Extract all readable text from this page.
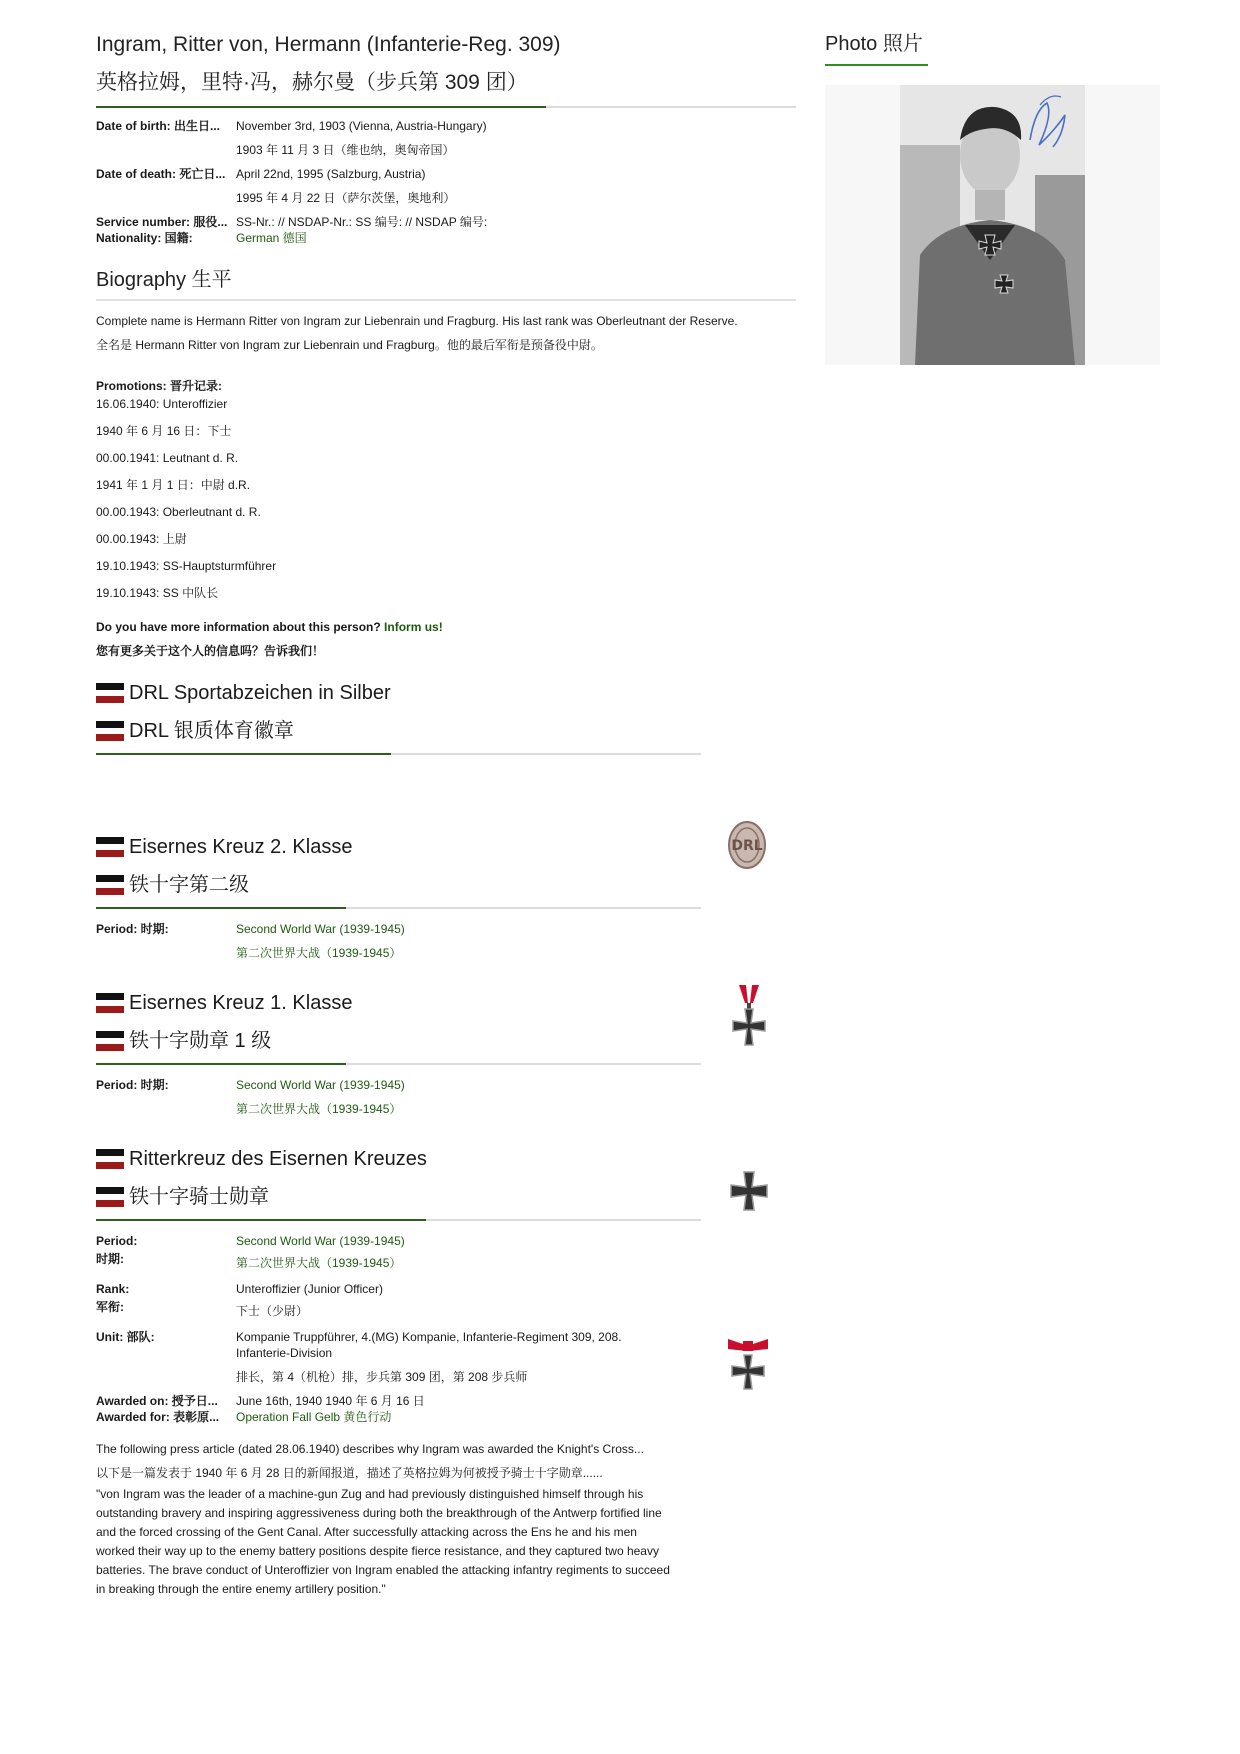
Ingram, Ritter von, Hermann (Infanterie-Reg. 309)
英格拉姆，里特·冯，赫尔曼（步兵第 309 团）
Date of birth: 出生日...	November 3rd, 1903 (Vienna, Austria-Hungary)
1903 年 11 月 3 日（维也纳，奥匈帝国）
Date of death: 死亡日... April 22nd, 1995 (Salzburg, Austria)
1995 年 4 月 22 日（萨尔茨堡，奥地利）
Service number: 服役... SS-Nr.: // NSDAP-Nr.: SS 编号: // NSDAP 编号:
Nationality: 国籍:	German 德国
Biography 生平
Complete name is Hermann Ritter von Ingram zur Liebenrain und Fragburg. His last rank was Oberleutnant der Reserve.
全名是 Hermann Ritter von Ingram zur Liebenrain und Fragburg。他的最后军衔是预备役中尉。
Promotions: 晋升记录:
16.06.1940: Unteroffizier
1940 年 6 月 16 日：下士
00.00.1941: Leutnant d. R.
1941 年 1 月 1 日：中尉 d.R.
00.00.1943: Oberleutnant d. R.
00.00.1943: 上尉
19.10.1943: SS-Hauptsturmführer
19.10.1943: SS 中队长
Do you have more information about this person? Inform us!
您有更多关于这个人的信息吗？告诉我们！
DRL Sportabzeichen in Silber
DRL 银质体育徽章
Eisernes Kreuz 2. Klasse
铁十字第二级
Period: 时期:	Second World War (1939-1945)
第二次世界大战（1939-1945）
Eisernes Kreuz 1. Klasse
铁十字勋章 1 级
Period: 时期:	Second World War (1939-1945)
第二次世界大战（1939-1945）
Ritterkreuz des Eisernen Kreuzes
铁十字骑士勋章
Period:	Second World War (1939-1945)
时期:	第二次世界大战（1939-1945）
Rank:	Unteroffizier (Junior Officer)
军衔:	下士（少尉）
Unit: 部队:	Kompanie Truppführer, 4.(MG) Kompanie, Infanterie-Regiment 309, 208. Infanterie-Division
排长，第 4（机枪）排，步兵第 309 团，第 208 步兵师
Awarded on: 授予日...	June 16th, 1940 1940 年 6 月 16 日
Awarded for: 表彰原...	Operation Fall Gelb 黄色行动
The following press article (dated 28.06.1940) describes why Ingram was awarded the Knight's Cross...
以下是一篇发表于 1940 年 6 月 28 日的新闻报道，描述了英格拉姆为何被授予骑士十字勋章......
"von Ingram was the leader of a machine-gun Zug and had previously distinguished himself through his outstanding bravery and inspiring aggressiveness during both the breakthrough of the Antwerp fortified line and the forced crossing of the Gent Canal. After successfully attacking across the Ens he and his men worked their way up to the enemy battery positions despite fierce resistance, and they captured two heavy batteries. The brave conduct of Unteroffizier von Ingram enabled the attacking infantry regiments to succeed in breaking through the entire enemy artillery position."
DRL
Photo 照片
